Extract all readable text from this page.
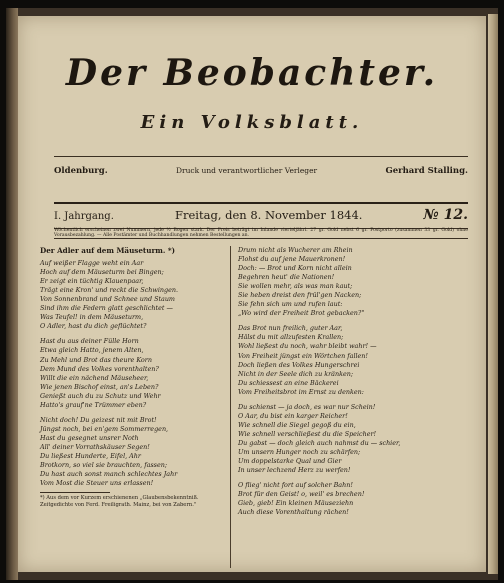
Der Beobachter.
Ein Volksblatt.
Oldenburg.	Druck und verantwortlicher Verleger	Gerhard Stalling.
I. Jahrgang.	Freitag, den 8. November 1844.	№ 12.
Wöchentlich erscheinen zwei Nummern, jede ½ Bogen stark. Der Preis beträgt im Inlande vierteljährl. 27 gr. Gold nebst 6 gr. Postporto (zusammen 33 gr. Gold) ohne Vorausbezahlung. — Alle Postämter und Buchhandlungen nehmen Bestellungen an.
Der Adler auf dem Mäuseturm. *)
Auf weißer Flagge weht ein Aar
Hoch auf dem Mäuseturm bei Bingen;
Er zeigt ein tüchtig Klauenpaar,
Trägt eine Kron' und reckt die Schwingen.
Von Sonnenbrand und Schnee und Staum
Sind ihm die Federn glatt geschlichtet —
Was Teufel! in dem Mäuseturm,
O Adler, hast du dich geflüchtet?
Hast du aus deiner Fülle Horn
Etwa gleich Hatto, jenem Alten,
Zu Mehl und Brot das theure Korn
Dem Mund des Volkes vorenthalten?
Willt die ein nächend Mäuseheer,
Wie jenen Bischof einst, an's Leben?
Genießt auch du zu Schutz und Wehr
Hatto's grauf'ne Trümmer eben?
Nicht doch! Du geizest nit mit Brot!
Jüngst noch, bei en'gem Sommerregen,
Hast du gesegnet unsrer Noth
All' deiner Vorrathskäuser Segen!
Du ließest Hunderte, Eifel, Ahr
Brotkorn, so viel sie brauchten, fassen;
Du hast auch sonst manch schlechtes Jahr
Vom Most die Steuer uns erlassen!
*) Aus dem vor Kurzem erschienenen „Glaubensbekenntniß. Zeitgedichte von Ferd. Freiligrath. Mainz, bei von Zabern."
Drum nicht als Wucherer am Rhein
Flohst du auf jene Mauerkronen!
Doch: — Brot und Korn nicht allein
Begehren heut' die Nationen!
Sie wollen mehr, als was man kaut;
Sie heben dreist den frül'gen Nacken;
Sie fehn sich um und rufen laut:
„Wo wird der Freiheit Brot gebacken?"
Das Brot nun freilich, guter Aar,
Hälst du mit allzufesten Krallen;
Wohl ließest du noch, wahr bleibt wahr! —
Von Freiheit jüngst ein Wörtchen fallen!
Doch ließen des Volkes Hungerschrei
Nicht in der Seele dich zu kränken;
Du schiessest an eine Bäckerei
Vom Freiheitsbrot im Ernst zu denken:
Du schienst — ja doch, es war nur Schein!
O Aar, du bist ein karger Reicher!
Wie schnell die Siegel gegoß du ein,
Wie schnell verschließest du die Speicher!
Du gabst — doch gleich auch nahmst du — schier,
Um unsern Hunger noch zu schärfen;
Um doppelstarke Qual und Gier
In unser lechzend Herz zu werfen!
O flieg' nicht fort auf solcher Bahn!
Brot für den Geist! o, weil' es brechen!
Gieb, gieb! Ein kleinen Mäuseziehn
Auch diese Vorenthaltung rächen!
